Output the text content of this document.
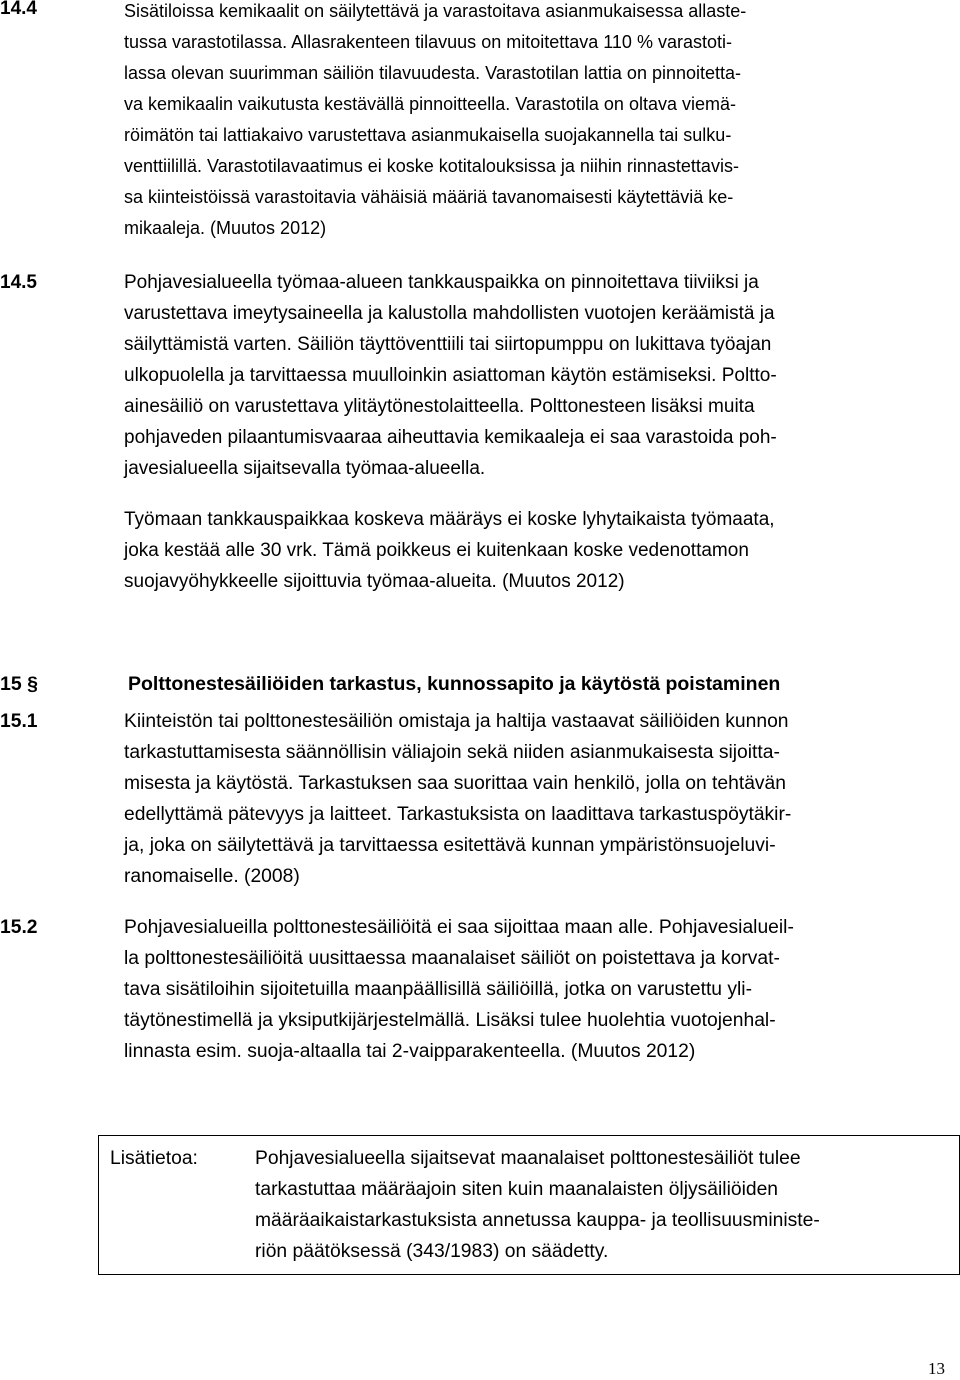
14.4	Sisätiloissa kemikaalit on säilytettävä ja varastoitava asianmukaisessa allaste-
tussa varastotilassa. Allasrakenteen tilavuus on mitoitettava 110 % varastoti-
lassa olevan suurimman säiliön tilavuudesta. Varastotilan lattia on pinnoitetta-
va kemikaalin vaikutusta kestävällä pinnoitteella. Varastotila on oltava viemä-
röimätön tai lattiakaivo varustettava asianmukaisella suojakannella tai sulku-
venttiilillä. Varastotilavaatimus ei koske kotitalouksissa ja niihin rinnastettavis-
sa kiinteistöissä varastoitavia vähäisiä määriä tavanomaisesti käytettäviä ke-
mikaaleja. (Muutos 2012)
14.5	Pohjavesialueella työmaa-alueen tankkauspaikka on pinnoitettava tiiviiksi ja
varustettava imeytysaineella ja kalustolla mahdollisten vuotojen keräämistä ja
säilyttämistä varten. Säiliön täyttöventtiili tai siirtopumppu on lukittava työajan
ulkopuolella ja tarvittaessa muulloinkin asiattoman käytön estämiseksi. Poltto-
ainesäiliö on varustettava ylitäytönestolaitteella. Polttonesteen lisäksi muita
pohjaveden pilaantumisvaaraa aiheuttavia kemikaaleja ei saa varastoida poh-
javesialueella sijaitsevalla työmaa-alueella.
Työmaan tankkauspaikkaa koskeva määräys ei koske lyhytaikaista työmaata,
joka kestää alle 30 vrk. Tämä poikkeus ei kuitenkaan koske vedenottamon
suojavyöhykkeelle sijoittuvia työmaa-alueita. (Muutos 2012)
15 §	Polttonestesäiliöiden tarkastus, kunnossapito ja käytöstä poistaminen
15.1	Kiinteistön tai polttonestesäiliön omistaja ja haltija vastaavat säiliöiden kunnon
tarkastuttamisesta säännöllisin väliajoin sekä niiden asianmukaisesta sijoitta-
misesta ja käytöstä. Tarkastuksen saa suorittaa vain henkilö, jolla on tehtävän
edellyttämä pätevyys ja laitteet. Tarkastuksista on laadittava tarkastuspöytäkir-
ja, joka on säilytettävä ja tarvittaessa esitettävä kunnan ympäristönsuojeluvi-
ranomaiselle. (2008)
15.2	Pohjavesialueilla polttonestesäiliöitä ei saa sijoittaa maan alle. Pohjavesialueil-
la polttonestesäiliöitä uusittaessa maanalaiset säiliöt on poistettava ja korvat-
tava sisätiloihin sijoitetuilla maanpäällisillä säiliöillä, jotka on varustettu yli-
täytönestimellä ja yksiputkijärjestelmällä. Lisäksi tulee huolehtia vuotojenhal-
linnasta esim. suoja-altaalla tai 2-vaipparakenteella. (Muutos 2012)
Lisätietoa:	Pohjavesialueella sijaitsevat maanalaiset polttonestesäiliöt tulee
tarkastuttaa määräajoin siten kuin maanalaisten öljysäiliöiden
määräaikaistarkastuksista annetussa kauppa- ja teollisuusministe-
riön päätöksessä (343/1983) on säädetty.
13
